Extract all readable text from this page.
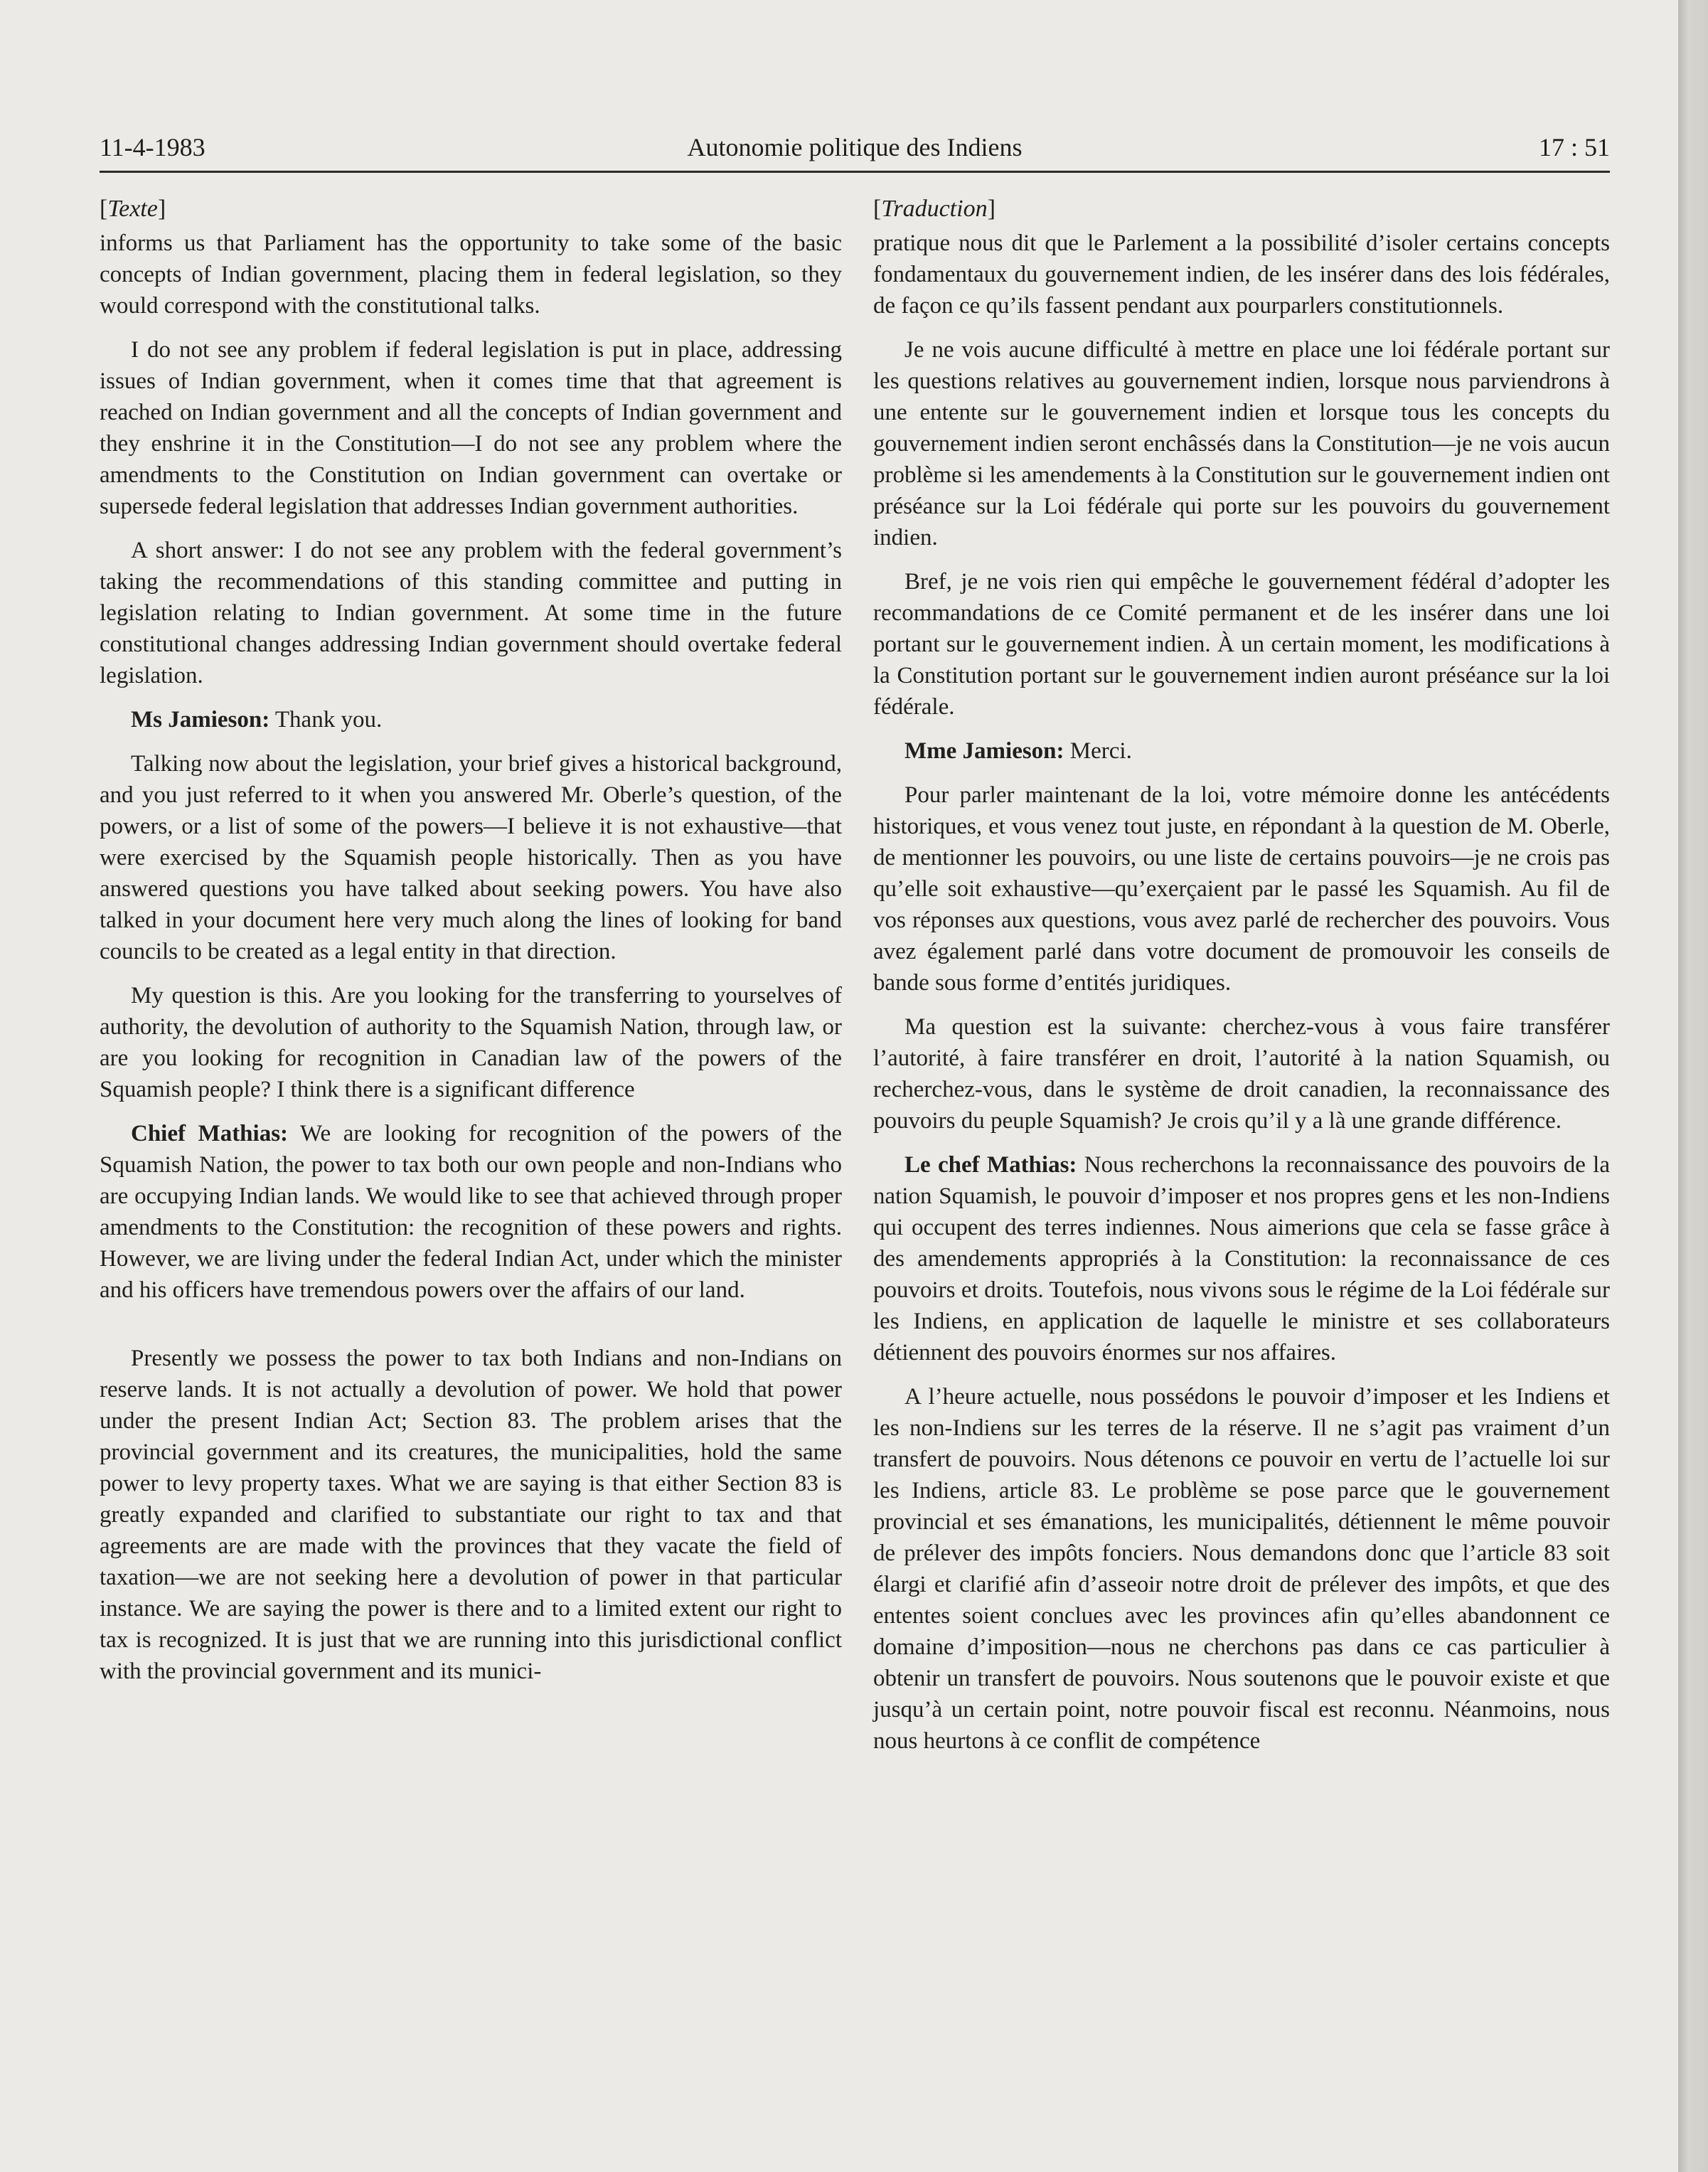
11-4-1983	Autonomie politique des Indiens	17 : 51

[Texte]

informs us that Parliament has the opportunity to take some of the basic concepts of Indian government, placing them in federal legislation, so they would correspond with the constitutional talks.

I do not see any problem if federal legislation is put in place, addressing issues of Indian government, when it comes time that that agreement is reached on Indian government and all the concepts of Indian government and they enshrine it in the Constitution—I do not see any problem where the amendments to the Constitution on Indian government can overtake or supersede federal legislation that addresses Indian government authorities.

A short answer: I do not see any problem with the federal government’s taking the recommendations of this standing committee and putting in legislation relating to Indian government. At some time in the future constitutional changes addressing Indian government should overtake federal legislation.

Ms Jamieson: Thank you.

Talking now about the legislation, your brief gives a historical background, and you just referred to it when you answered Mr. Oberle’s question, of the powers, or a list of some of the powers—I believe it is not exhaustive—that were exercised by the Squamish people historically. Then as you have answered questions you have talked about seeking powers. You have also talked in your document here very much along the lines of looking for band councils to be created as a legal entity in that direction.

My question is this. Are you looking for the transferring to yourselves of authority, the devolution of authority to the Squamish Nation, through law, or are you looking for recognition in Canadian law of the powers of the Squamish people? I think there is a significant difference

Chief Mathias: We are looking for recognition of the powers of the Squamish Nation, the power to tax both our own people and non-Indians who are occupying Indian lands. We would like to see that achieved through proper amendments to the Constitution: the recognition of these powers and rights. However, we are living under the federal Indian Act, under which the minister and his officers have tremendous powers over the affairs of our land.

Presently we possess the power to tax both Indians and non-Indians on reserve lands. It is not actually a devolution of power. We hold that power under the present Indian Act; Section 83. The problem arises that the provincial government and its creatures, the municipalities, hold the same power to levy property taxes. What we are saying is that either Section 83 is greatly expanded and clarified to substantiate our right to tax and that agreements are are made with the provinces that they vacate the field of taxation—we are not seeking here a devolution of power in that particular instance. We are saying the power is there and to a limited extent our right to tax is recognized. It is just that we are running into this jurisdictional conflict with the provincial government and its munici-

[Traduction]

pratique nous dit que le Parlement a la possibilité d’isoler certains concepts fondamentaux du gouvernement indien, de les insérer dans des lois fédérales, de façon ce qu’ils fassent pendant aux pourparlers constitutionnels.

Je ne vois aucune difficulté à mettre en place une loi fédérale portant sur les questions relatives au gouvernement indien, lorsque nous parviendrons à une entente sur le gouvernement indien et lorsque tous les concepts du gouvernement indien seront enchâssés dans la Constitution—je ne vois aucun problème si les amendements à la Constitution sur le gouvernement indien ont préséance sur la Loi fédérale qui porte sur les pouvoirs du gouvernement indien.

Bref, je ne vois rien qui empêche le gouvernement fédéral d’adopter les recommandations de ce Comité permanent et de les insérer dans une loi portant sur le gouvernement indien. À un certain moment, les modifications à la Constitution portant sur le gouvernement indien auront préséance sur la loi fédérale.

Mme Jamieson: Merci.

Pour parler maintenant de la loi, votre mémoire donne les antécédents historiques, et vous venez tout juste, en répondant à la question de M. Oberle, de mentionner les pouvoirs, ou une liste de certains pouvoirs—je ne crois pas qu’elle soit exhaustive—qu’exerçaient par le passé les Squamish. Au fil de vos réponses aux questions, vous avez parlé de rechercher des pouvoirs. Vous avez également parlé dans votre document de promouvoir les conseils de bande sous forme d’entités juridiques.

Ma question est la suivante: cherchez-vous à vous faire transférer l’autorité, à faire transférer en droit, l’autorité à la nation Squamish, ou recherchez-vous, dans le système de droit canadien, la reconnaissance des pouvoirs du peuple Squamish? Je crois qu’il y a là une grande différence.

Le chef Mathias: Nous recherchons la reconnaissance des pouvoirs de la nation Squamish, le pouvoir d’imposer et nos propres gens et les non-Indiens qui occupent des terres indiennes. Nous aimerions que cela se fasse grâce à des amendements appropriés à la Constitution: la reconnaissance de ces pouvoirs et droits. Toutefois, nous vivons sous le régime de la Loi fédérale sur les Indiens, en application de laquelle le ministre et ses collaborateurs détiennent des pouvoirs énormes sur nos affaires.

A l’heure actuelle, nous possédons le pouvoir d’imposer et les Indiens et les non-Indiens sur les terres de la réserve. Il ne s’agit pas vraiment d’un transfert de pouvoirs. Nous détenons ce pouvoir en vertu de l’actuelle loi sur les Indiens, article 83. Le problème se pose parce que le gouvernement provincial et ses émanations, les municipalités, détiennent le même pouvoir de prélever des impôts fonciers. Nous demandons donc que l’article 83 soit élargi et clarifié afin d’asseoir notre droit de prélever des impôts, et que des ententes soient conclues avec les provinces afin qu’elles abandonnent ce domaine d’imposition—nous ne cherchons pas dans ce cas particulier à obtenir un transfert de pouvoirs. Nous soutenons que le pouvoir existe et que jusqu’à un certain point, notre pouvoir fiscal est reconnu. Néanmoins, nous nous heurtons à ce conflit de compétence
